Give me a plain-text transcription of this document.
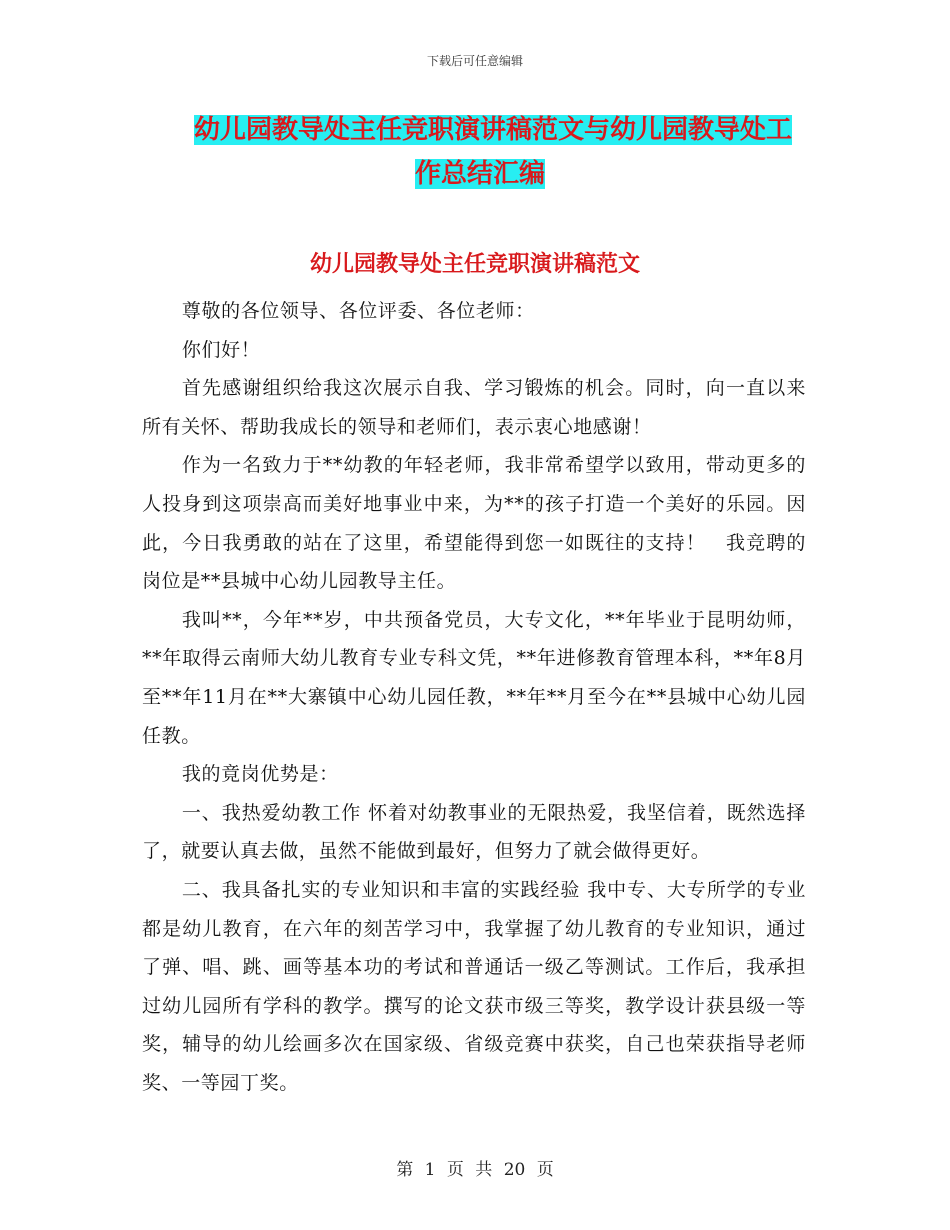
下载后可任意编辑
幼儿园教导处主任竞职演讲稿范文与幼儿园教导处工
作总结汇编
幼儿园教导处主任竞职演讲稿范文

尊敬的各位领导、各位评委、各位老师：

你们好！

首先感谢组织给我这次展示自我、学习锻炼的机会。同时，向一直以来所有关怀、帮助我成长的领导和老师们，表示衷心地感谢！

作为一名致力于**幼教的年轻老师，我非常希望学以致用，带动更多的人投身到这项崇高而美好地事业中来，为**的孩子打造一个美好的乐园。因此，今日我勇敢的站在了这里，希望能得到您一如既往的支持！　我竞聘的岗位是**县城中心幼儿园教导主任。

我叫**，今年**岁，中共预备党员，大专文化，**年毕业于昆明幼师，**年取得云南师大幼儿教育专业专科文凭，**年进修教育管理本科，**年8月至**年11月在**大寨镇中心幼儿园任教，**年**月至今在**县城中心幼儿园任教。

我的竟岗优势是：

一、我热爱幼教工作 怀着对幼教事业的无限热爱，我坚信着，既然选择了，就要认真去做，虽然不能做到最好，但努力了就会做得更好。

二、我具备扎实的专业知识和丰富的实践经验 我中专、大专所学的专业都是幼儿教育，在六年的刻苦学习中，我掌握了幼儿教育的专业知识，通过了弹、唱、跳、画等基本功的考试和普通话一级乙等测试。工作后，我承担过幼儿园所有学科的教学。撰写的论文获市级三等奖，教学设计获县级一等奖，辅导的幼儿绘画多次在国家级、省级竞赛中获奖，自己也荣获指导老师奖、一等园丁奖。

第 1 页 共 20 页
